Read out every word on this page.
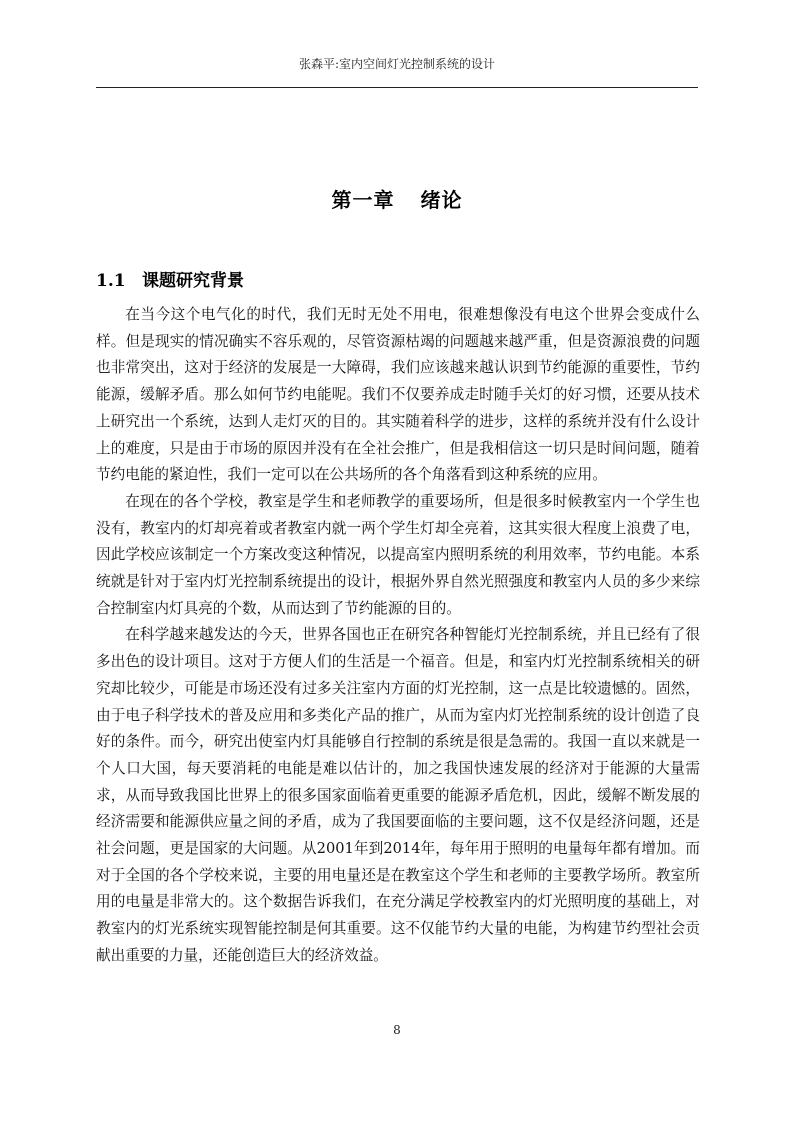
张森平:室内空间灯光控制系统的设计
第一章 绪论
1.1 课题研究背景

在当今这个电气化的时代，我们无时无处不用电，很难想像没有电这个世界会变成什么样。但是现实的情况确实不容乐观的，尽管资源枯竭的问题越来越严重，但是资源浪费的问题也非常突出，这对于经济的发展是一大障碍，我们应该越来越认识到节约能源的重要性，节约能源，缓解矛盾。那么如何节约电能呢。我们不仅要养成走时随手关灯的好习惯，还要从技术上研究出一个系统，达到人走灯灭的目的。其实随着科学的进步，这样的系统并没有什么设计上的难度，只是由于市场的原因并没有在全社会推广，但是我相信这一切只是时间问题，随着节约电能的紧迫性，我们一定可以在公共场所的各个角落看到这种系统的应用。

在现在的各个学校，教室是学生和老师教学的重要场所，但是很多时候教室内一个学生也没有，教室内的灯却亮着或者教室内就一两个学生灯却全亮着，这其实很大程度上浪费了电，因此学校应该制定一个方案改变这种情况，以提高室内照明系统的利用效率，节约电能。本系统就是针对于室内灯光控制系统提出的设计，根据外界自然光照强度和教室内人员的多少来综合控制室内灯具亮的个数，从而达到了节约能源的目的。

在科学越来越发达的今天，世界各国也正在研究各种智能灯光控制系统，并且已经有了很多出色的设计项目。这对于方便人们的生活是一个福音。但是，和室内灯光控制系统相关的研究却比较少，可能是市场还没有过多关注室内方面的灯光控制，这一点是比较遗憾的。固然，由于电子科学技术的普及应用和多类化产品的推广，从而为室内灯光控制系统的设计创造了良好的条件。而今，研究出使室内灯具能够自行控制的系统是很是急需的。我国一直以来就是一个人口大国，每天要消耗的电能是难以估计的，加之我国快速发展的经济对于能源的大量需求，从而导致我国比世界上的很多国家面临着更重要的能源矛盾危机，因此，缓解不断发展的经济需要和能源供应量之间的矛盾，成为了我国要面临的主要问题，这不仅是经济问题，还是社会问题，更是国家的大问题。从2001年到2014年，每年用于照明的电量每年都有增加。而对于全国的各个学校来说，主要的用电量还是在教室这个学生和老师的主要教学场所。教室所用的电量是非常大的。这个数据告诉我们，在充分满足学校教室内的灯光照明度的基础上，对教室内的灯光系统实现智能控制是何其重要。这不仅能节约大量的电能，为构建节约型社会贡献出重要的力量，还能创造巨大的经济效益。

8
